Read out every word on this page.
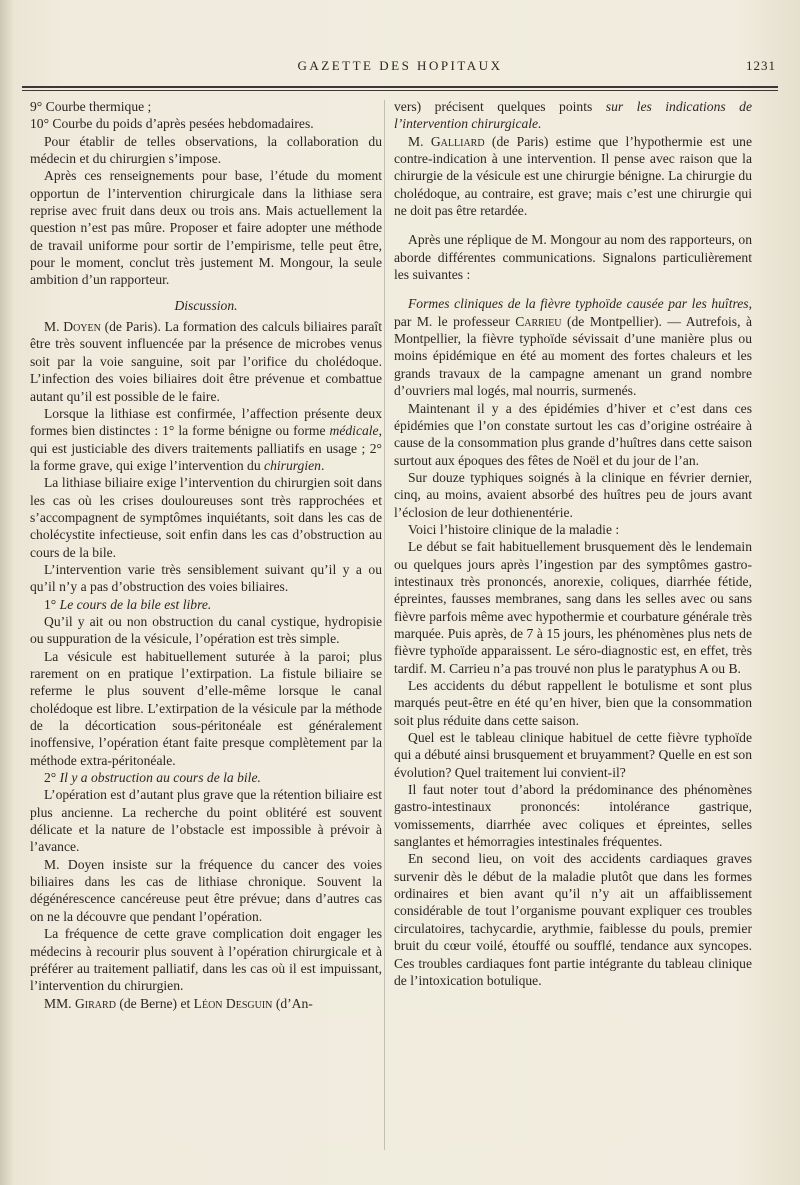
GAZETTE DES HOPITAUX	1231

9° Courbe thermique ;

10° Courbe du poids d’après pesées hebdomadaires.

Pour établir de telles observations, la collaboration du médecin et du chirurgien s’impose.

Après ces renseignements pour base, l’étude du moment opportun de l’intervention chirurgicale dans la lithiase sera reprise avec fruit dans deux ou trois ans. Mais actuellement la question n’est pas mûre. Proposer et faire adopter une méthode de travail uniforme pour sortir de l’empirisme, telle peut être, pour le moment, conclut très justement M. Mongour, la seule ambition d’un rapporteur.

Discussion.

M. Doyen (de Paris). La formation des calculs biliaires paraît être très souvent influencée par la présence de microbes venus soit par la voie sanguine, soit par l’orifice du cholédoque. L’infection des voies biliaires doit être prévenue et combattue autant qu’il est possible de le faire.

Lorsque la lithiase est confirmée, l’affection présente deux formes bien distinctes : 1° la forme bénigne ou forme médicale, qui est justiciable des divers traitements palliatifs en usage ; 2° la forme grave, qui exige l’intervention du chirurgien.

La lithiase biliaire exige l’intervention du chirurgien soit dans les cas où les crises douloureuses sont très rapprochées et s’accompagnent de symptômes inquiétants, soit dans les cas de cholécystite infectieuse, soit enfin dans les cas d’obstruction au cours de la bile.

L’intervention varie très sensiblement suivant qu’il y a ou qu’il n’y a pas d’obstruction des voies biliaires.

1° Le cours de la bile est libre.

Qu’il y ait ou non obstruction du canal cystique, hydropisie ou suppuration de la vésicule, l’opération est très simple.

La vésicule est habituellement suturée à la paroi; plus rarement on en pratique l’extirpation. La fistule biliaire se referme le plus souvent d’elle-même lorsque le canal cholédoque est libre. L’extirpation de la vésicule par la méthode de la décortication sous-péritonéale est généralement inoffensive, l’opération étant faite presque complètement par la méthode extra-péritonéale.

2° Il y a obstruction au cours de la bile.

L’opération est d’autant plus grave que la rétention biliaire est plus ancienne. La recherche du point oblitéré est souvent délicate et la nature de l’obstacle est impossible à prévoir à l’avance.

M. Doyen insiste sur la fréquence du cancer des voies biliaires dans les cas de lithiase chronique. Souvent la dégénérescence cancéreuse peut être prévue; dans d’autres cas on ne la découvre que pendant l’opération.

La fréquence de cette grave complication doit engager les médecins à recourir plus souvent à l’opération chirurgicale et à préférer au traitement palliatif, dans les cas où il est impuissant, l’intervention du chirurgien.

MM. Girard (de Berne) et Léon Desguin (d’An-

vers) précisent quelques points sur les indications de l’intervention chirurgicale.

M. Galliard (de Paris) estime que l’hypothermie est une contre-indication à une intervention. Il pense avec raison que la chirurgie de la vésicule est une chirurgie bénigne. La chirurgie du cholédoque, au contraire, est grave; mais c’est une chirurgie qui ne doit pas être retardée.

Après une réplique de M. Mongour au nom des rapporteurs, on aborde différentes communications. Signalons particulièrement les suivantes :

Formes cliniques de la fièvre typhoïde causée par les huîtres, par M. le professeur Carrieu (de Montpellier). — Autrefois, à Montpellier, la fièvre typhoïde sévissait d’une manière plus ou moins épidémique en été au moment des fortes chaleurs et les grands travaux de la campagne amenant un grand nombre d’ouvriers mal logés, mal nourris, surmenés.

Maintenant il y a des épidémies d’hiver et c’est dans ces épidémies que l’on constate surtout les cas d’origine ostréaire à cause de la consommation plus grande d’huîtres dans cette saison surtout aux époques des fêtes de Noël et du jour de l’an.

Sur douze typhiques soignés à la clinique en février dernier, cinq, au moins, avaient absorbé des huîtres peu de jours avant l’éclosion de leur dothienentérie.

Voici l’histoire clinique de la maladie :

Le début se fait habituellement brusquement dès le lendemain ou quelques jours après l’ingestion par des symptômes gastro-intestinaux très prononcés, anorexie, coliques, diarrhée fétide, épreintes, fausses membranes, sang dans les selles avec ou sans fièvre parfois même avec hypothermie et courbature générale très marquée. Puis après, de 7 à 15 jours, les phénomènes plus nets de fièvre typhoïde apparaissent. Le séro-diagnostic est, en effet, très tardif. M. Carrieu n’a pas trouvé non plus le paratyphus A ou B.

Les accidents du début rappellent le botulisme et sont plus marqués peut-être en été qu’en hiver, bien que la consommation soit plus réduite dans cette saison.

Quel est le tableau clinique habituel de cette fièvre typhoïde qui a débuté ainsi brusquement et bruyamment? Quelle en est son évolution? Quel traitement lui convient-il?

Il faut noter tout d’abord la prédominance des phénomènes gastro-intestinaux prononcés: intolérance gastrique, vomissements, diarrhée avec coliques et épreintes, selles sanglantes et hémorragies intestinales fréquentes.

En second lieu, on voit des accidents cardiaques graves survenir dès le début de la maladie plutôt que dans les formes ordinaires et bien avant qu’il n’y ait un affaiblissement considérable de tout l’organisme pouvant expliquer ces troubles circulatoires, tachycardie, arythmie, faiblesse du pouls, premier bruit du cœur voilé, étouffé ou soufflé, tendance aux syncopes. Ces troubles cardiaques font partie intégrante du tableau clinique de l’intoxication botulique.
